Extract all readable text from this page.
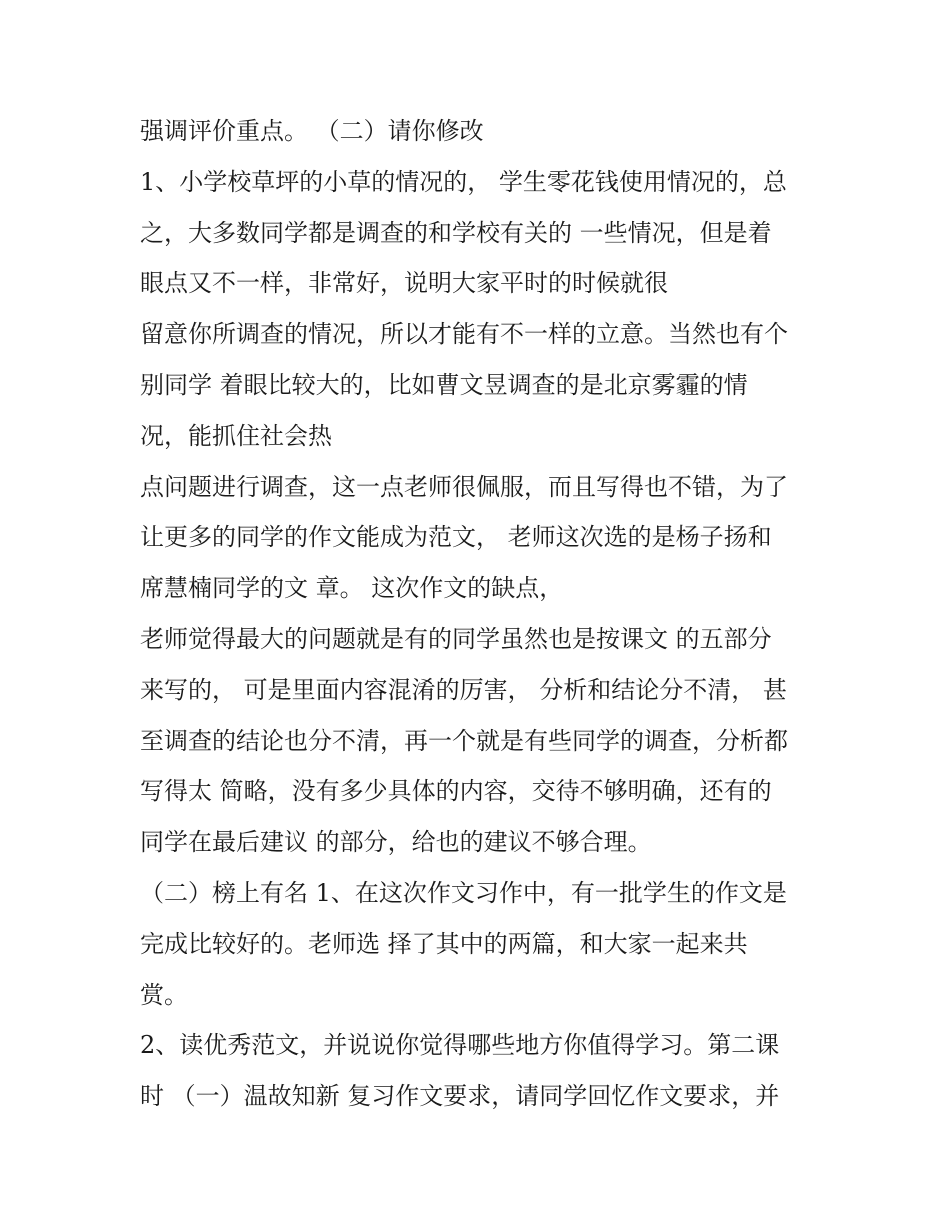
强调评价重点。 （二）请你修改
1、小学校草坪的小草的情况的， 学生零花钱使用情况的，总
之，大多数同学都是调查的和学校有关的 一些情况，但是着
眼点又不一样，非常好，说明大家平时的时候就很
留意你所调查的情况，所以才能有不一样的立意。当然也有个
别同学 着眼比较大的，比如曹文昱调查的是北京雾霾的情
况，能抓住社会热
点问题进行调查，这一点老师很佩服，而且写得也不错，为了
让更多的同学的作文能成为范文， 老师这次选的是杨子扬和
席慧楠同学的文 章。 这次作文的缺点，
老师觉得最大的问题就是有的同学虽然也是按课文 的五部分
来写的， 可是里面内容混淆的厉害， 分析和结论分不清， 甚
至调查的结论也分不清，再一个就是有些同学的调查，分析都
写得太 简略，没有多少具体的内容，交待不够明确，还有的
同学在最后建议 的部分，给也的建议不够合理。
（二）榜上有名 1、在这次作文习作中，有一批学生的作文是
完成比较好的。老师选 择了其中的两篇，和大家一起来共
赏。
2、读优秀范文，并说说你觉得哪些地方你值得学习。第二课
时 （一）温故知新 复习作文要求，请同学回忆作文要求，并
